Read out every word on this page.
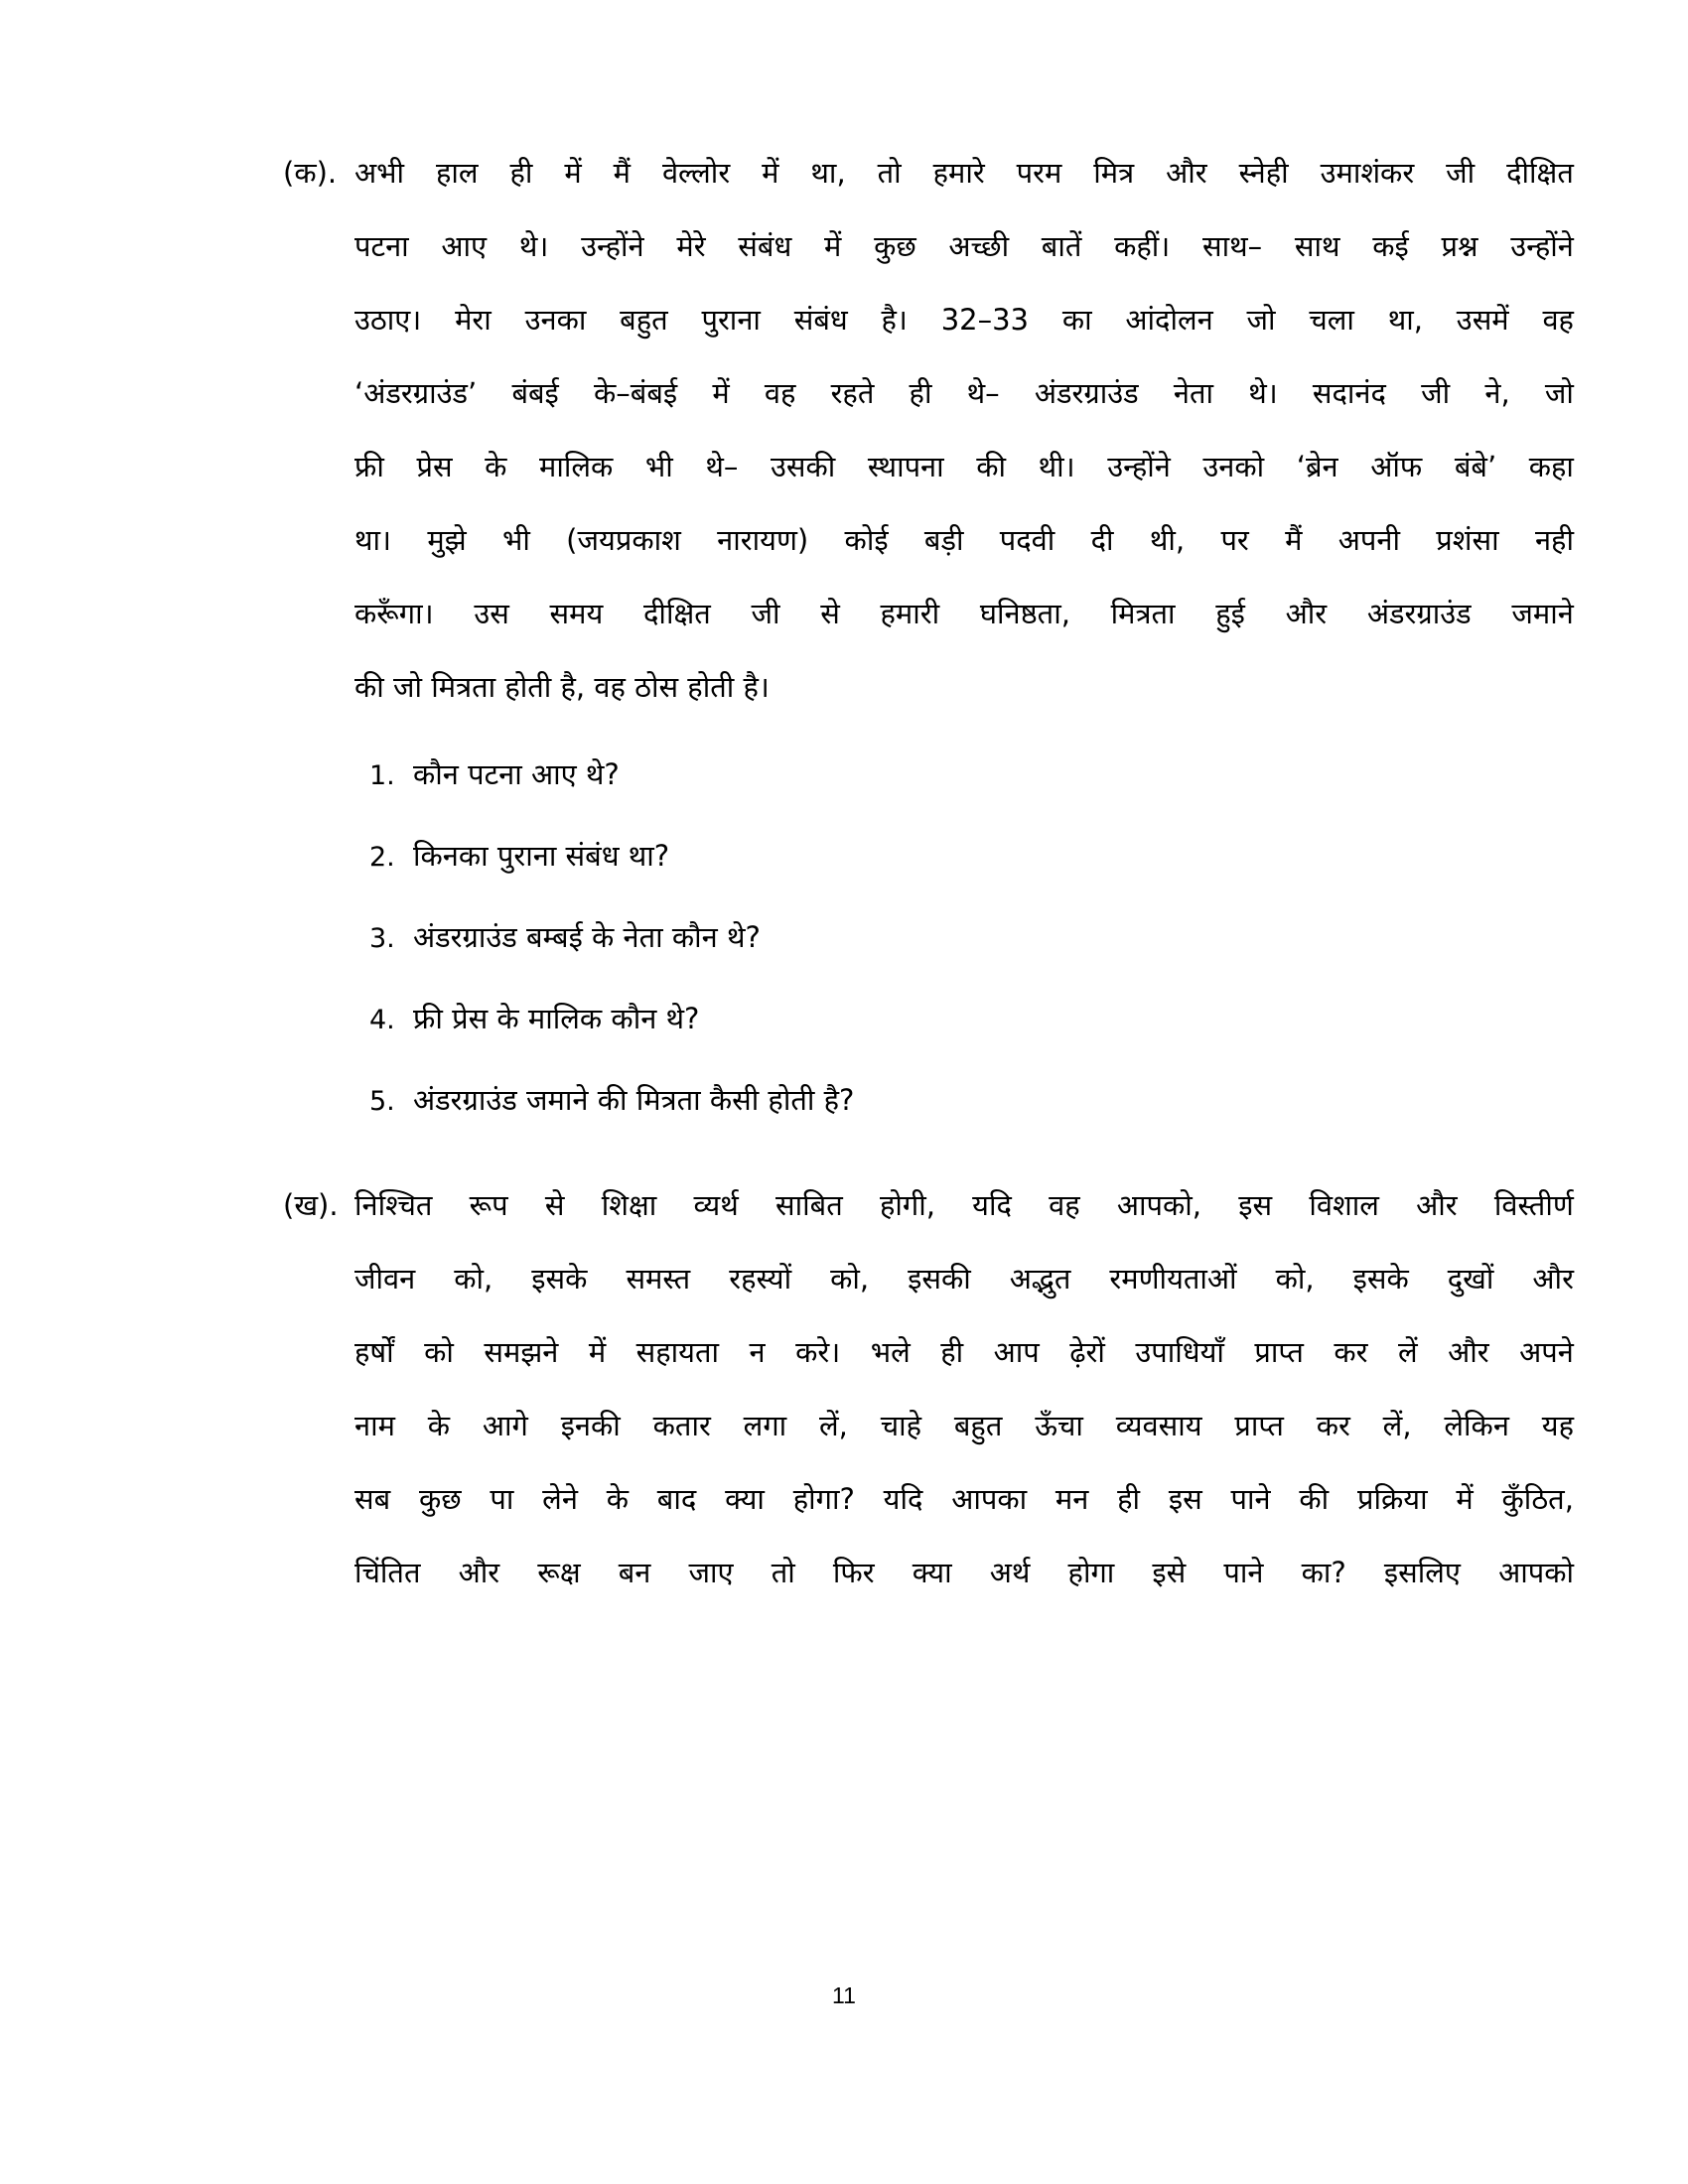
(क). अभी हाल ही में मैं वेल्लोर में था, तो हमारे परम मित्र और स्नेही उमाशंकर जी दीक्षित
पटना आए थे। उन्होंने मेरे संबंध में कुछ अच्छी बातें कहीं। साथ– साथ कई प्रश्न उन्होंने
उठाए। मेरा उनका बहुत पुराना संबंध है। 32–33 का आंदोलन जो चला था, उसमें वह
‘अंडरग्राउंड’ बंबई के–बंबई में वह रहते ही थे– अंडरग्राउंड नेता थे। सदानंद जी ने, जो
फ्री प्रेस के मालिक भी थे– उसकी स्थापना की थी। उन्होंने उनको ‘ब्रेन ऑफ बंबे’ कहा
था। मुझे भी (जयप्रकाश नारायण) कोई बड़ी पदवी दी थी, पर मैं अपनी प्रशंसा नही
करूँगा। उस समय दीक्षित जी से हमारी घनिष्ठता, मित्रता हुई और अंडरग्राउंड जमाने
की जो मित्रता होती है, वह ठोस होती है।
1. कौन पटना आए थे?
2. किनका पुराना संबंध था?
3. अंडरग्राउंड बम्बई के नेता कौन थे?
4. फ्री प्रेस के मालिक कौन थे?
5. अंडरग्राउंड जमाने की मित्रता कैसी होती है?
(ख). निश्चित रूप से शिक्षा व्यर्थ साबित होगी, यदि वह आपको, इस विशाल और विस्तीर्ण
जीवन को, इसके समस्त रहस्यों को, इसकी अद्भुत रमणीयताओं को, इसके दुखों और
हर्षों को समझने में सहायता न करे। भले ही आप ढ़ेरों उपाधियाँ प्राप्त कर लें और अपने
नाम के आगे इनकी कतार लगा लें, चाहे बहुत ऊँचा व्यवसाय प्राप्त कर लें, लेकिन यह
सब कुछ पा लेने के बाद क्या होगा? यदि आपका मन ही इस पाने की प्रक्रिया में कुँठित,
चिंतित और रूक्ष बन जाए तो फिर क्या अर्थ होगा इसे पाने का? इसलिए आपको
11
